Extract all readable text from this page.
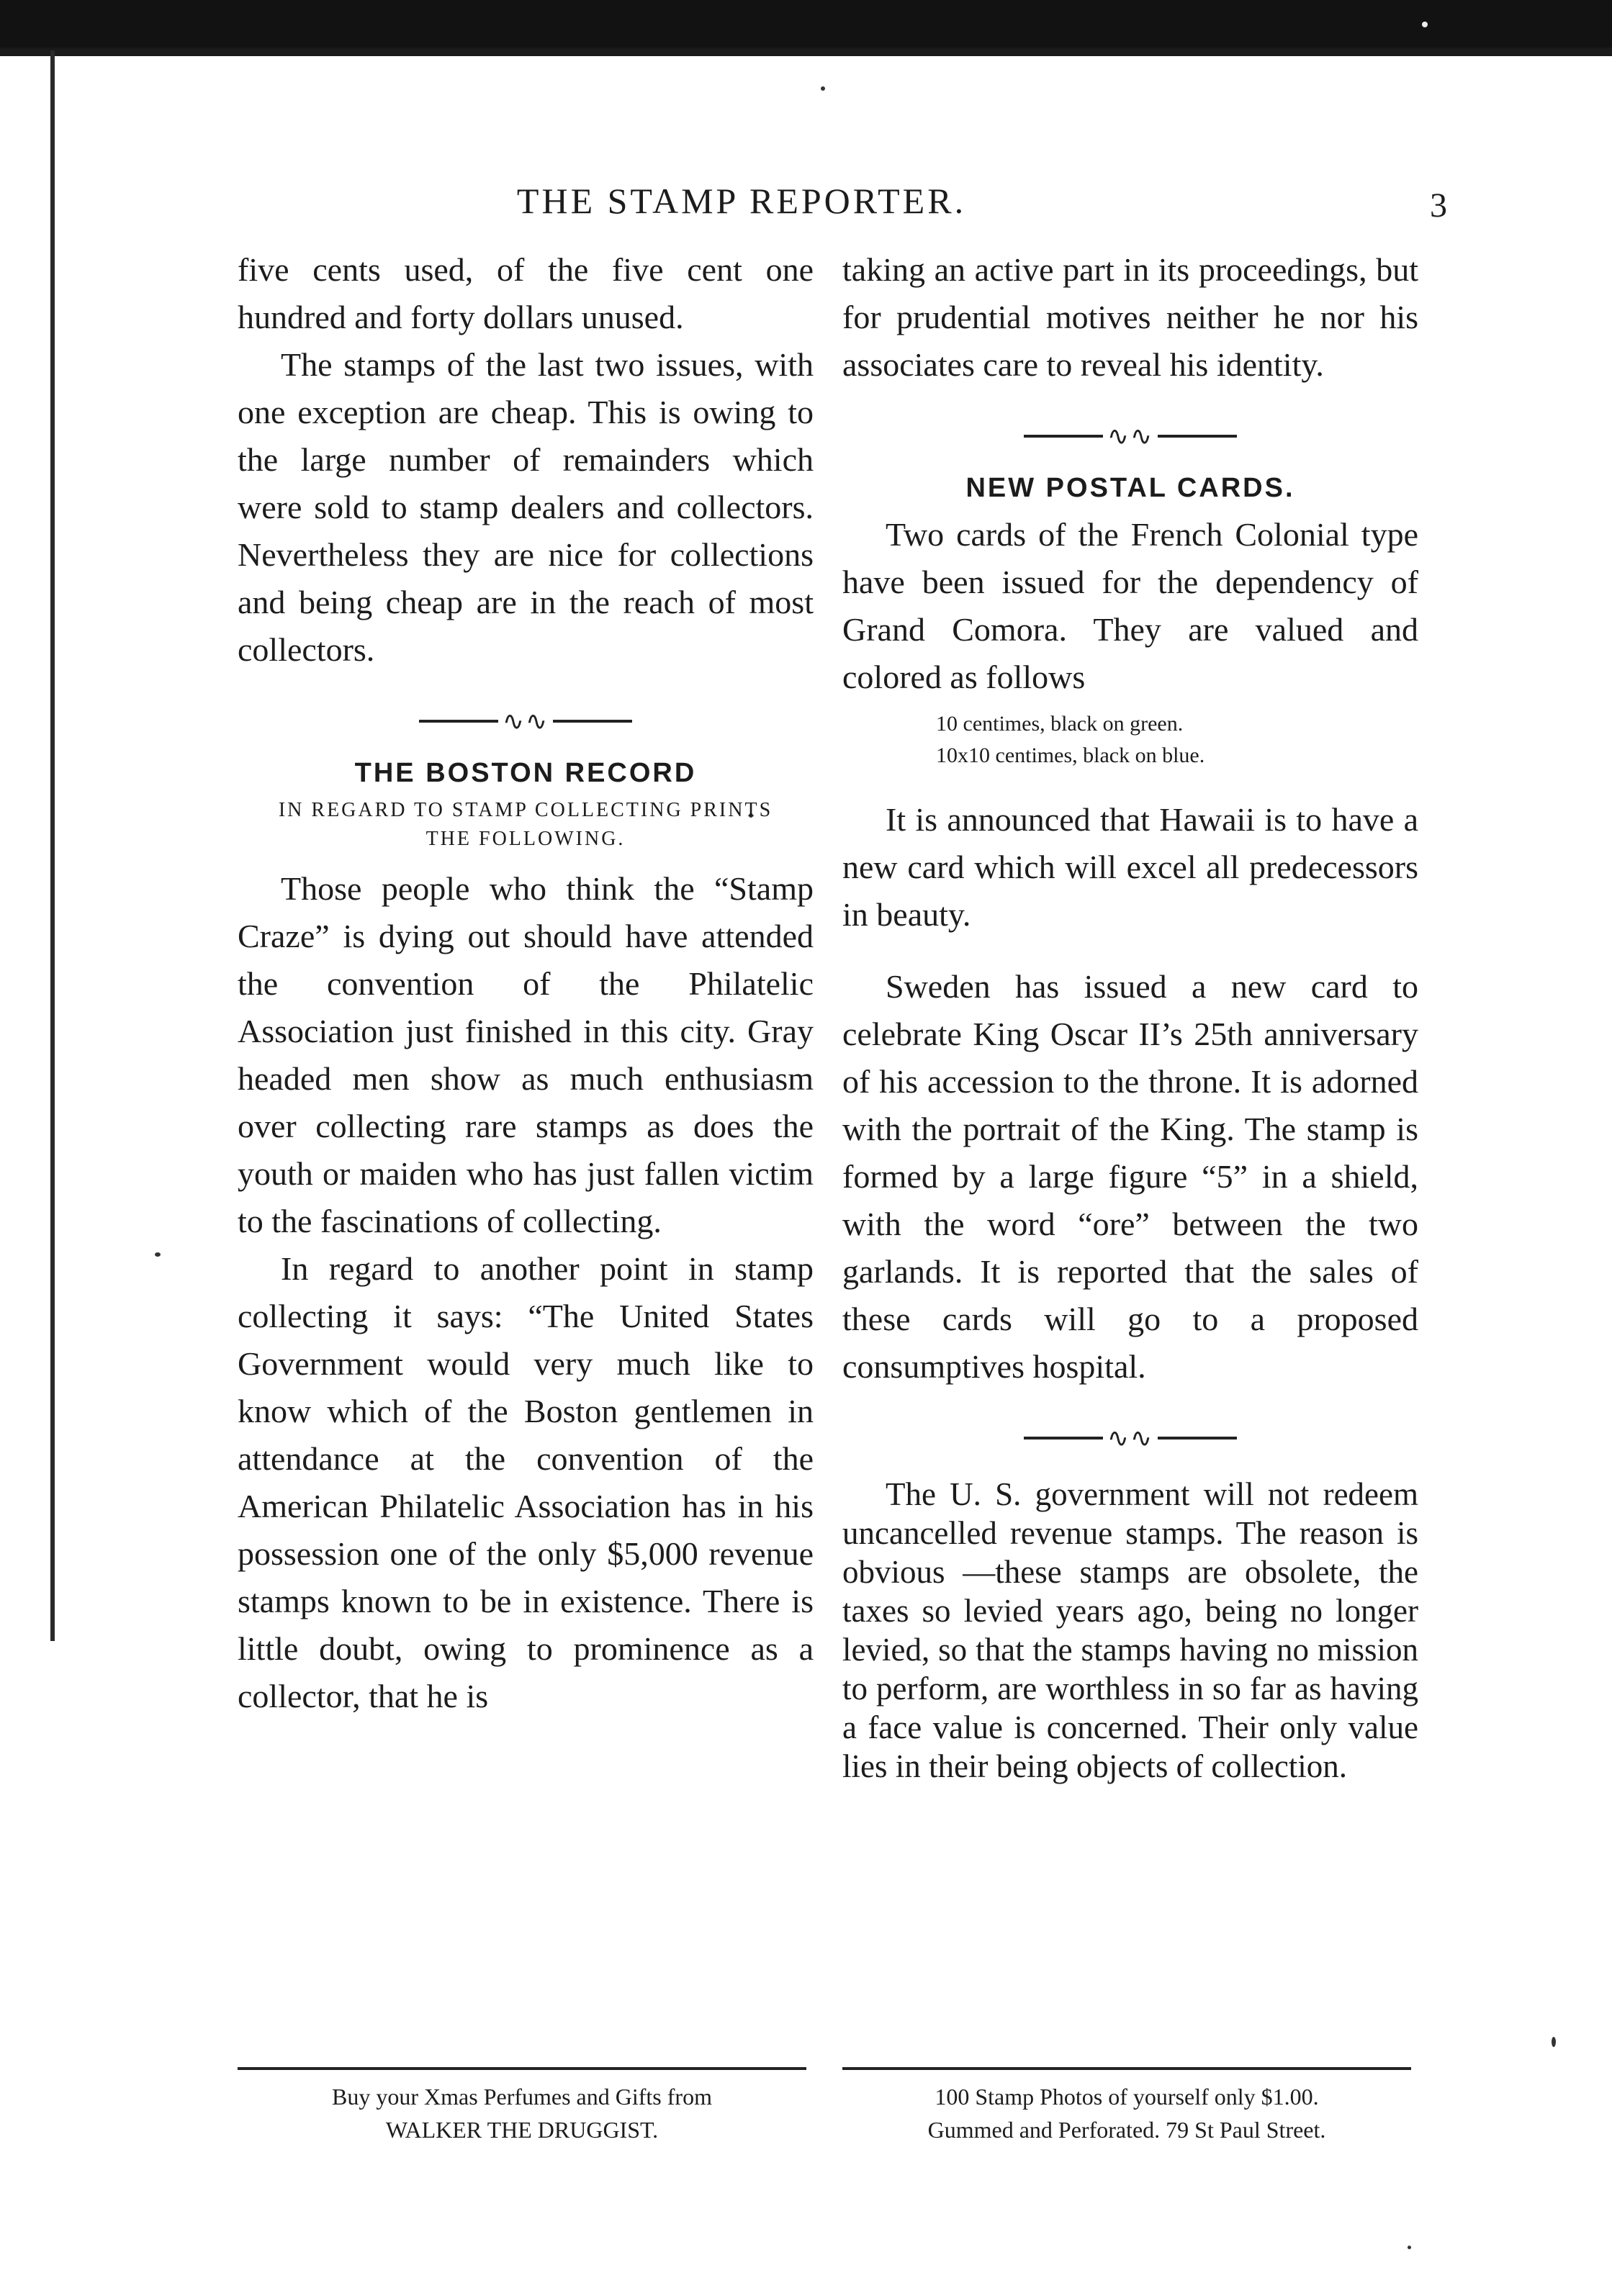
THE STAMP REPORTER.	3

five cents used, of the five cent one hundred and forty dollars unused.

The stamps of the last two issues, with one exception are cheap. This is owing to the large number of remainders which were sold to stamp dealers and collectors. Nevertheless they are nice for collections and being cheap are in the reach of most collectors.

∿∿
THE BOSTON RECORD
IN REGARD TO STAMP COLLECTING PRINTS
THE FOLLOWING.

Those people who think the “Stamp Craze” is dying out should have attended the convention of the Philatelic Association just finished in this city. Gray headed men show as much enthusiasm over collecting rare stamps as does the youth or maiden who has just fallen victim to the fascinations of collecting.

In regard to another point in stamp collecting it says: “The United States Government would very much like to know which of the Boston gentlemen in attendance at the convention of the American Philatelic Association has in his possession one of the only $5,000 revenue stamps known to be in existence. There is little doubt, owing to prominence as a collector, that he is

taking an active part in its proceedings, but for prudential motives neither he nor his associates care to reveal his identity.

∿∿
NEW POSTAL CARDS.

Two cards of the French Colonial type have been issued for the dependency of Grand Comora. They are valued and colored as follows

10 centimes, black on green.
10x10 centimes, black on blue.

It is announced that Hawaii is to have a new card which will excel all predecessors in beauty.

Sweden has issued a new card to celebrate King Oscar II’s 25th anniversary of his accession to the throne. It is adorned with the portrait of the King. The stamp is formed by a large figure “5” in a shield, with the word “ore” between the two garlands. It is reported that the sales of these cards will go to a proposed consumptives hospital.

∿∿

The U. S. government will not redeem uncancelled revenue stamps. The reason is obvious —these stamps are obsolete, the taxes so levied years ago, being no longer levied, so that the stamps having no mission to perform, are worthless in so far as having a face value is concerned. Their only value lies in their being objects of collection.

Buy your Xmas Perfumes and Gifts from
WALKER THE DRUGGIST.
100 Stamp Photos of yourself only $1.00.
Gummed and Perforated. 79 St Paul Street.
